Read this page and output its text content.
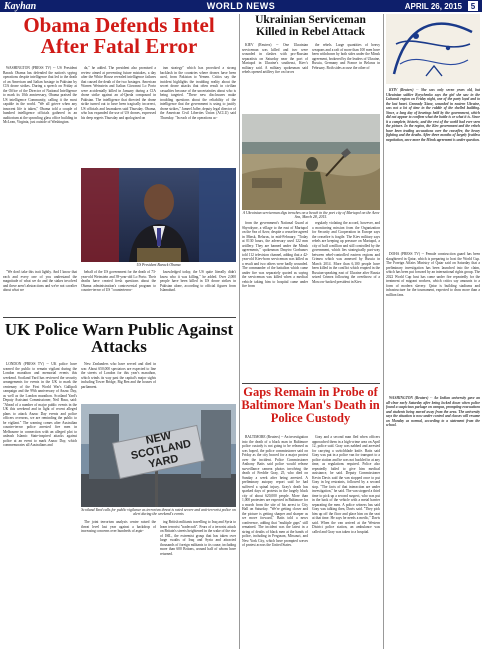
Kayhan	WORLD NEWS	APRIL 26, 2015	5
Obama Defends Intel After Fatal Error

WASHINGTON (PRESS TV) -- US President Barack Obama has defended the nation's spying operations despite intelligence that led to the death of an American and Italian hostage in Pakistan by CIA drone strikes. During a speech on Friday at the Office of the Director of National Intelligence to mark its 10th anniversary, Obama praised the US intelligence Community, calling it the most capable in the world. "We all grieve when any innocent life is taken," Obama told a couple of hundred intelligence officials gathered in an auditorium at the sprawling glass office building in McLean, Virginia, just outside of Washington.

da," he added. The president also promised a review aimed at preventing future mistakes, a day after the White House revealed intelligence failures that caused the death of the two hostages. American Warren Weinstein and Italian Giovanni Lo Porto were accidentally killed in January during a CIA drone strike against an al-Qaeda compound in Pakistan. The intelligence that directed the drone strike turned out to have been tragically incorrect, US officials and lawmakers said Thursday. Obama, who has expanded the use of US drones, expressed his deep regrets Thursday and apologized on

ism strategy" which has provoked a strong backlash in the countries where drones have been used, from Pakistan to Yemen. Critics say the incident highlights the troubling reality about the secret drone attacks that often result in civilian casualties because of the uncertainties about who is being targeted. "These new disclosures make troubling questions about the reliability of the intelligence that the government is using to justify drone strikes," Jameel Jaffer, deputy legal director of the American Civil Liberties Union (ACLU) said Thursday. "In each of the operations ac-

US President Barack Obama

"We don't take this trait lightly. And I know that each and every one of you understand the magnitude of what we do and the stakes involved and these aren't abstractions and we're not cavalier about what we

behalf of the US government for the death of 73-year-old Weinstein and 39-year-old Lo Porto. Their deaths have created fresh questions about the Obama administration's controversial program to counter-terror of US "counterterror-

knowledged today, the US quite literally didn't know who it was killing," he added. Over 2,000 people have been killed in US drone strikes in Pakistan alone, according to official figures from Islamabad.

UK Police Warn Public Against Attacks

LONDON (PRESS TV) -- UK police have warned the public to remain vigilant during the London marathon and memorial events this weekend. Scotland Yard has reviewed the security arrangements for events in the UK to mark the centenary of the First World War's Gallipoli campaign and the 99th anniversary of Anzac Day, as well as the London marathon. Scotland Yard's Deputy Assistant Commissioner, Neil Basu, said: "Ahead of a number of major public events in the UK this weekend and in light of recent alleged plans to attack Anzac Day events and police officers overseas, we are reminding the public to be vigilant." The warning comes after Australian counter-terror police arrested five men in Melbourne in connection with an alleged plot to unleash Islamic State-inspired attacks against police at an event to mark Anzac Day, which commemorates all Australians and

New Zealanders who have served and died in war. About 650,000 spectators are expected to line the streets of London for this year's marathon, which winds its way past the capital's major sights including Tower Bridge, Big Ben and the houses of parliament.

NEW SCOTLAND YARD
Scotland Yard calls for public vigilance as terrorism threat is rated severe and anti-terrorist police on alert during the weekend's events

The joint terrorism analysis centre raised the threat level last year against a backdrop of increasing concerns over hundreds of aspir-

ing British militants travelling to Iraq and Syria to learn terrorist "tradecraft". Fears of a terrorist attack on Britain's streets heightened in the wake of the rise of ISIL, the extremist group that has taken over large swaths of Iraq and Syria and attracted thousands of foreign militants to its cause, including more than 600 Britons, around half of whom have returned.

Ukrainian Serviceman Killed in Rebel Attack

KIEV (Reuters) -- One Ukrainian serviceman was killed and two were wounded in clashes with pro-Russian separatists on Saturday near the port of Mariupol in Ukraine's southeast, Kiev's military said. A military spokesman said rebels opened artillery fire on forces

the rebels. Large quantities of heavy weapons and a raft of more than 100 men have been withdrawn by both sides under the Minsk agreement, brokered by the leaders of Ukraine, Russia, Germany and France in Belarus in February. Both sides accuse the other of

A Ukrainian serviceman digs trenches on a beach in the port city of Mariupol on the Azov Sea, March 28, 2015.

from the government's National Guard at Shyrokyne, a village to the east of Mariupol on the Sea of Azov, despite a ceasefire agreed in Minsk, Belarus, in mid-February. "Today at 0130 hours, the adversary used 122 mm artillery. They are banned under the Minsk agreements," spokesman Dmytro Gorbunov told 112 television channel, adding that a 42-year-old Kiev-born serviceman was killed as a result and two others were badly wounded. The commander of the battalion which came under fire was separately quoted as saying the serviceman was killed when a medical vehicle taking him to hospital came under fire from

regularly violating the accord, however, and a monitoring mission from the Organization for Security and Cooperation in Europe says the ceasefire is fragile. The Kiev military says rebels are keeping up pressure on Mariupol, a city of half a million and still controlled by the government, which lies strategically part-way between rebel-controlled eastern regions and Crimea which was annexed by Russia in March 2014. More than 6,100 people have been killed in the conflict which erupted in the Russian-speaking east of Ukraine after Russia seized Crimea following the overthrow of a Moscow-backed president in Kiev.

Gaps Remain in Probe of Baltimore Man's Death in Police Custody

BALTIMORE (Reuters) -- An investigation into the death of a black man in Baltimore police custody is not going to be released as was hoped, the police commissioner said on Friday as the city braced for a major protest over the incident. Police Commissioner Anthony Batts said police would release surveillance camera photos involving the death of Freddie Gray, 25, who died on Sunday a week after being arrested. A preliminary autopsy report said he had suffered a spinal injury. Gray's death has sparked days of protests in the largely black city of about 620,000 people. More than 1,000 protesters are expected in Baltimore for a march from the site of his arrest to City Hall on Saturday. "We're getting closer and the picture is getting sharper and sharper as we move forward," Batts told a news conference, adding that "multiple gaps" still remained. The incident was the latest in a string of deaths of black men at the hands of police, including in Ferguson, Missouri, and New York City, which have prompted waves of protest across the United States.

Gray and a second man fled when officers approached them in a high-crime area on April 12, police said. Gray was nabbed and arrested for carrying a switchblade knife. Batts said Gray was put in a police van for transport to a police station and he was not buckled in at any time, as regulations required. Police also repeatedly failed to give him medical assistance, he said. Deputy Commissioner Kevin Davis said the van stopped once to put Gray in leg restraints, followed by a second stop. "The facts of that interaction are under investigation," he said. The van stopped a third time to pick up a second suspect, who was put in the back of the vehicle with a metal barrier separating the men. A police witness has said Gray was talking then, Davis said. "They pick him up off the floor and place him on the seat at that time. He says he needs a medic," Davis said. When the van arrived at the Western District police station, an ambulance was called and Gray was taken to a hospital.

KYIV (Reuters) -- She was only seven years old, but Ukrainian soldier Kyrychenko says the girl she saw in the Luhansk region on Friday night, one of the party loyal and to the last heart. Gennady Xiaoe, wounded in eastern Ukraine, was not a lot of time in the rubble of the shelled building. Since, a long day of hearings held by the government, which did not appear to confirm what the battle is or what it is. Since it a complete, historic, and the rest of the world had ever seen the picture. In the region, the Kiev government and the rebels have been trading accusations over the ceasefire, the heavy fighting and the deaths. After three months of largely fruitless negotiation, once more the Minsk agreement is under question.

DOHA (PRESS TV) -- Female construction guard has been slaughtered in Qatar, which is preparing to host the World Cup. The Foreign Affairs Ministry of Qatar said on Saturday that a preliminary investigation has been launched into the claim, which has been put forward by an international rights group. The 2022 World Cup host has come under fire repeatedly for the treatment of migrant workers, which critics say amounts to a form of modern slavery. Qatar is building stadiums and infrastructure for the tournament, expected to draw more than a million fans.

WASHINGTON (Reuters) -- An Indian university gave an all-clear early Saturday after being locked down when police found a suspicious package on campus, prompting evacuations and students being moved away from the area. The university says the situation is now under control and classes will resume on Monday as normal, according to a statement from the school.
